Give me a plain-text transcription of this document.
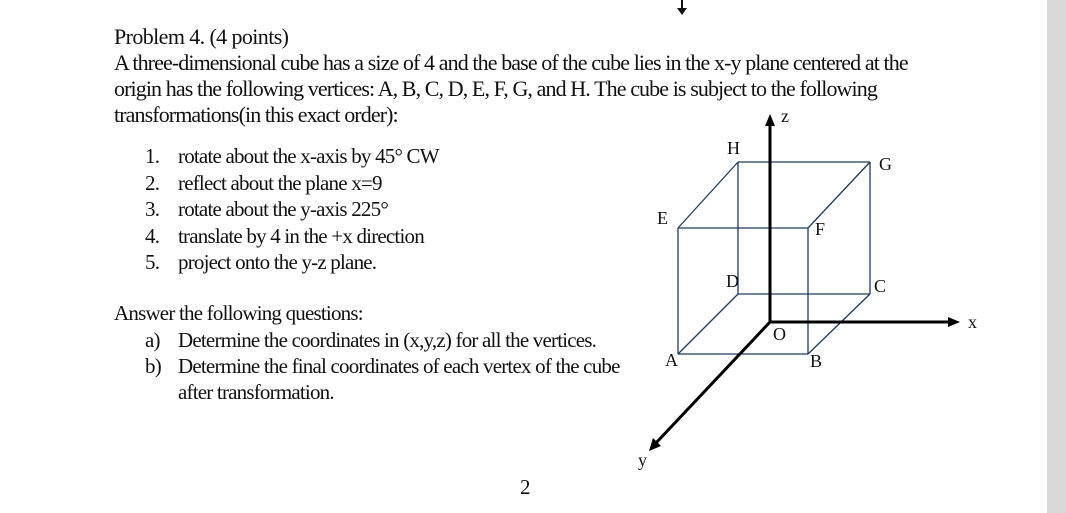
Problem 4. (4 points)
A three-dimensional cube has a size of 4 and the base of the cube lies in the x-y plane centered at the
origin has the following vertices: A, B, C, D, E, F, G, and H. The cube is subject to the following
transformations(in this exact order):
1. rotate about the x-axis by 45° CW
2. reflect about the plane x=9
3. rotate about the y-axis 225°
4. translate by 4 in the +x direction
5. project onto the y-z plane.
Answer the following questions:
a) Determine the coordinates in (x,y,z) for all the vertices.
b) Determine the final coordinates of each vertex of the cube after transformation.
z
x
y
O
H
G
E
F
D	C
A	B
2
